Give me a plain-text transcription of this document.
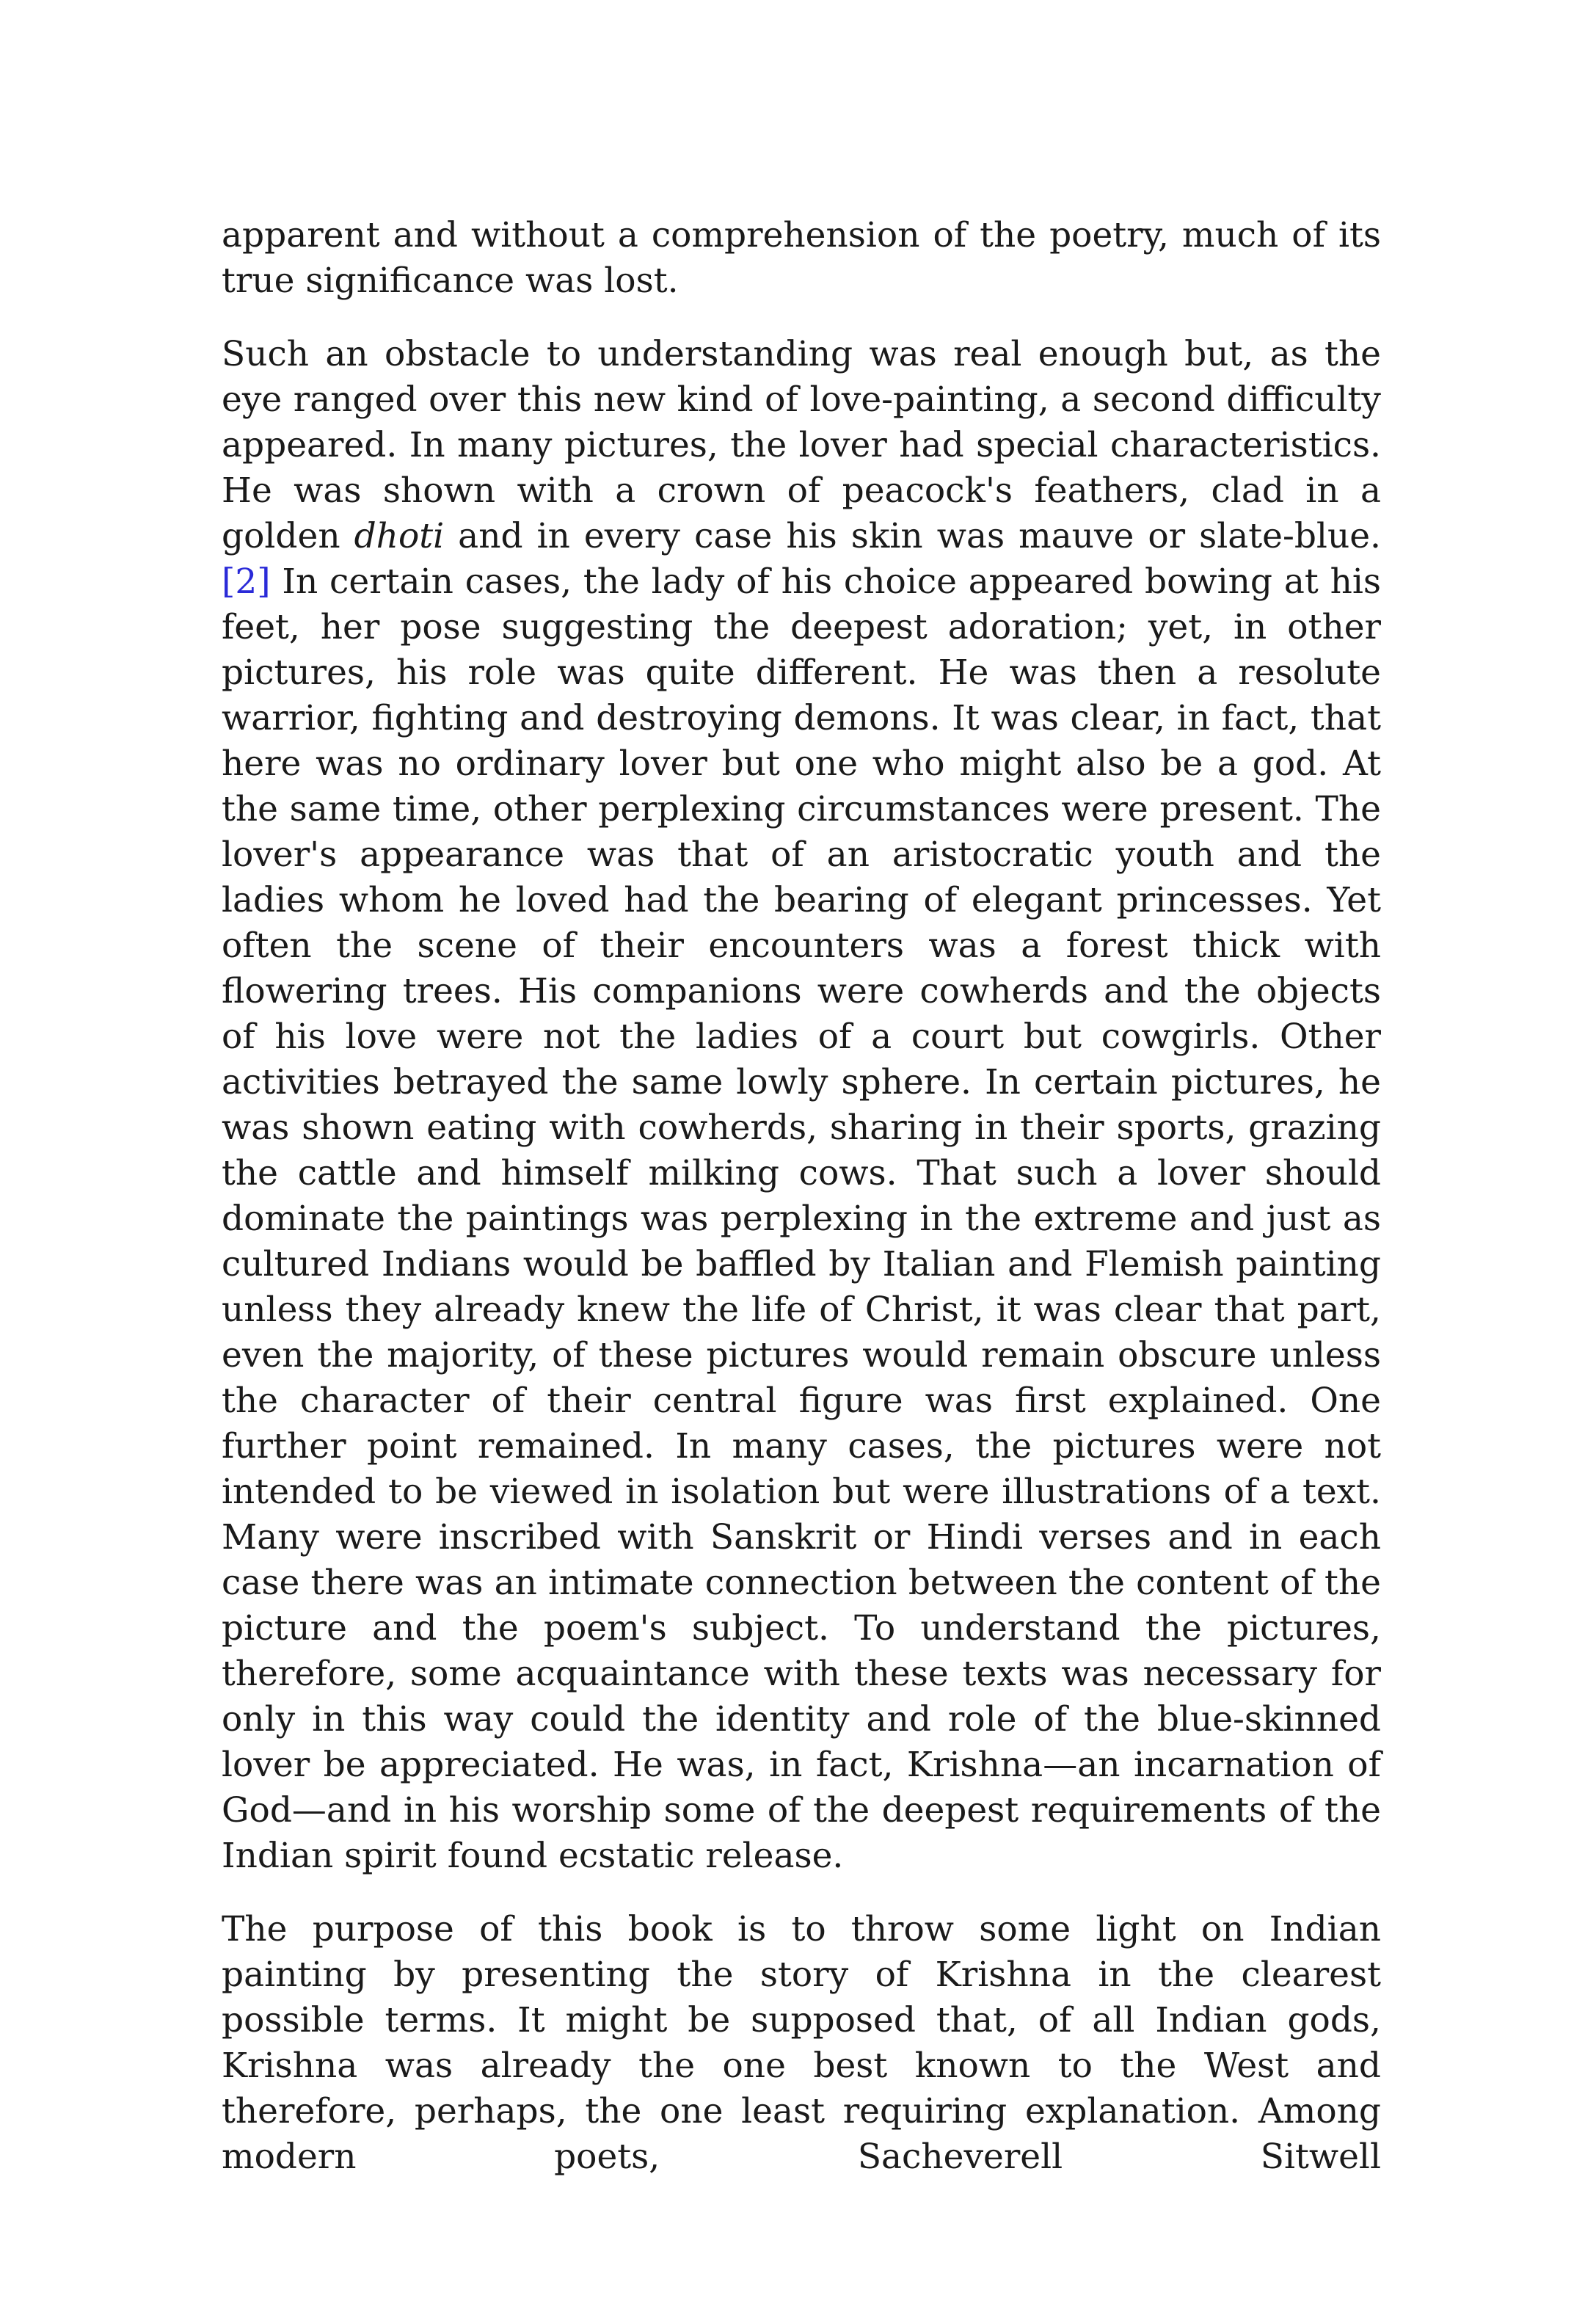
apparent and without a comprehension of the poetry, much of its true significance was lost.

Such an obstacle to understanding was real enough but, as the eye ranged over this new kind of love-painting, a second difficulty appeared. In many pictures, the lover had special characteristics. He was shown with a crown of peacock's feathers, clad in a golden dhoti and in every case his skin was mauve or slate-blue.[2] In certain cases, the lady of his choice appeared bowing at his feet, her pose suggesting the deepest adoration; yet, in other pictures, his role was quite different. He was then a resolute warrior, fighting and destroying demons. It was clear, in fact, that here was no ordinary lover but one who might also be a god. At the same time, other perplexing circumstances were present. The lover's appearance was that of an aristocratic youth and the ladies whom he loved had the bearing of elegant princesses. Yet often the scene of their encounters was a forest thick with flowering trees. His companions were cowherds and the objects of his love were not the ladies of a court but cowgirls. Other activities betrayed the same lowly sphere. In certain pictures, he was shown eating with cowherds, sharing in their sports, grazing the cattle and himself milking cows. That such a lover should dominate the paintings was perplexing in the extreme and just as cultured Indians would be baffled by Italian and Flemish painting unless they already knew the life of Christ, it was clear that part, even the majority, of these pictures would remain obscure unless the character of their central figure was first explained. One further point remained. In many cases, the pictures were not intended to be viewed in isolation but were illustrations of a text. Many were inscribed with Sanskrit or Hindi verses and in each case there was an intimate connection between the content of the picture and the poem's subject. To understand the pictures, therefore, some acquaintance with these texts was necessary for only in this way could the identity and role of the blue-skinned lover be appreciated. He was, in fact, Krishna—an incarnation of God—and in his worship some of the deepest requirements of the Indian spirit found ecstatic release.

The purpose of this book is to throw some light on Indian painting by presenting the story of Krishna in the clearest possible terms. It might be supposed that, of all Indian gods, Krishna was already the one best known to the West and therefore, perhaps, the one least requiring explanation. Among modern poets, Sacheverell Sitwell
